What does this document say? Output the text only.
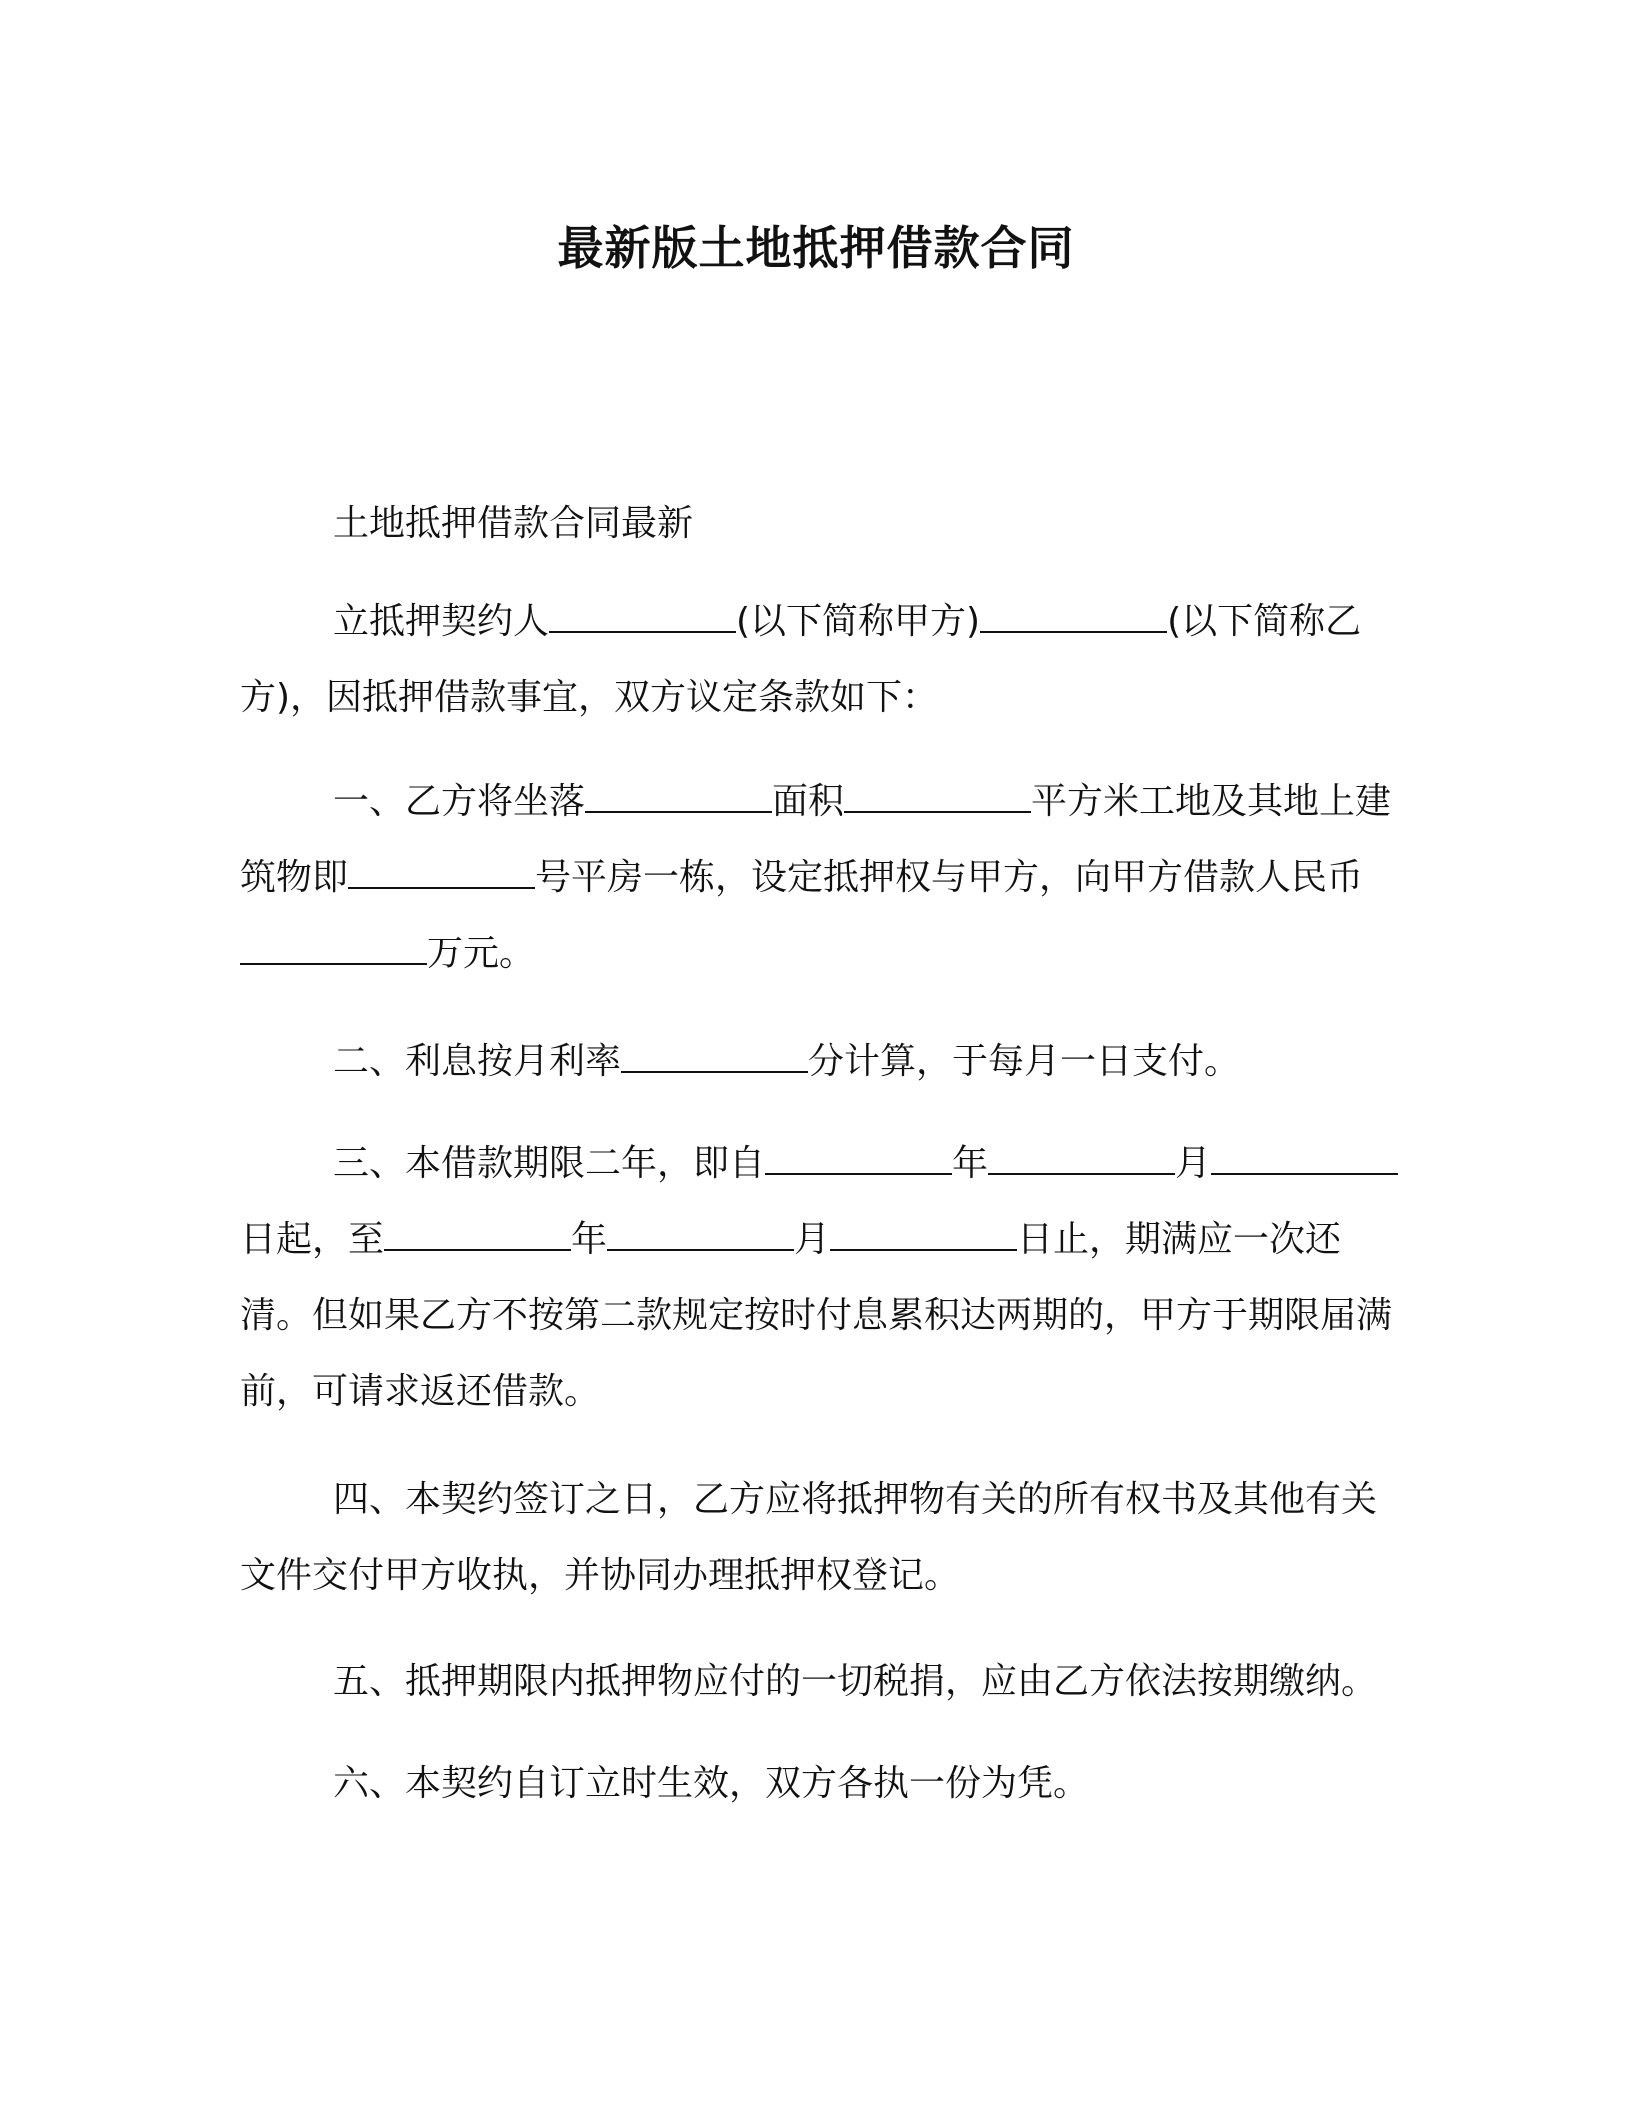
最新版土地抵押借款合同

土地抵押借款合同最新

立抵押契约人	(以下简称甲方)	(以下简称乙方)，因抵押借款事宜，双方议定条款如下：

一、乙方将坐落	面积	平方米工地及其地上建筑物即	号平房一栋，设定抵押权与甲方，向甲方借款人民币万元。

二、利息按月利率	分计算，于每月一日支付。

三、本借款期限二年，即自	年	月日起，至	年	月	日止，期满应一次还清。但如果乙方不按第二款规定按时付息累积达两期的，甲方于期限届满前，可请求返还借款。

四、本契约签订之日，乙方应将抵押物有关的所有权书及其他有关文件交付甲方收执，并协同办理抵押权登记。

五、抵押期限内抵押物应付的一切税捐，应由乙方依法按期缴纳。

六、本契约自订立时生效，双方各执一份为凭。
